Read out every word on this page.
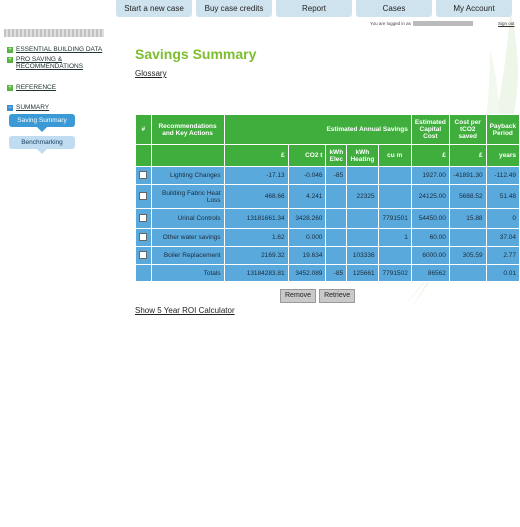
Start a new case	Buy case credits	Report	Cases	My Account
You are logged in as	Sign out
+ ESSENTIAL BUILDING DATA
+ PRO SAVING & RECOMMENDATIONS
+ REFERENCE
− SUMMARY
Saving Summary
Benchmarking
Savings Summary
Glossary
#	Recommendations and Key Actions	Estimated Annual Savings					Estimated Capital Cost	Cost per tCO2 saved	Payback Period
		£	CO2 t	kWh Elec	kWh Heating	cu m	£	£	years
	Lighting Changes	-17.13	-0.046	-85			1927.00	-41891.30	-112.49
	Building Fabric Heat Loss	468.66	4.241		22325		24125.00	5688.52	51.48
	Urinal Controls	13181661.34	3428.260			7791501	54450.00	15.88	0
	Other water savings	1.62	0.000			1	60.00		37.04
	Boiler Replacement	2169.32	19.634		103336		6000.00	305.59	2.77
	Totals	13184283.81	3452.089	-85	125661	7791502	86562		0.01
Remove	Retrieve
Show 5 Year ROI Calculator
